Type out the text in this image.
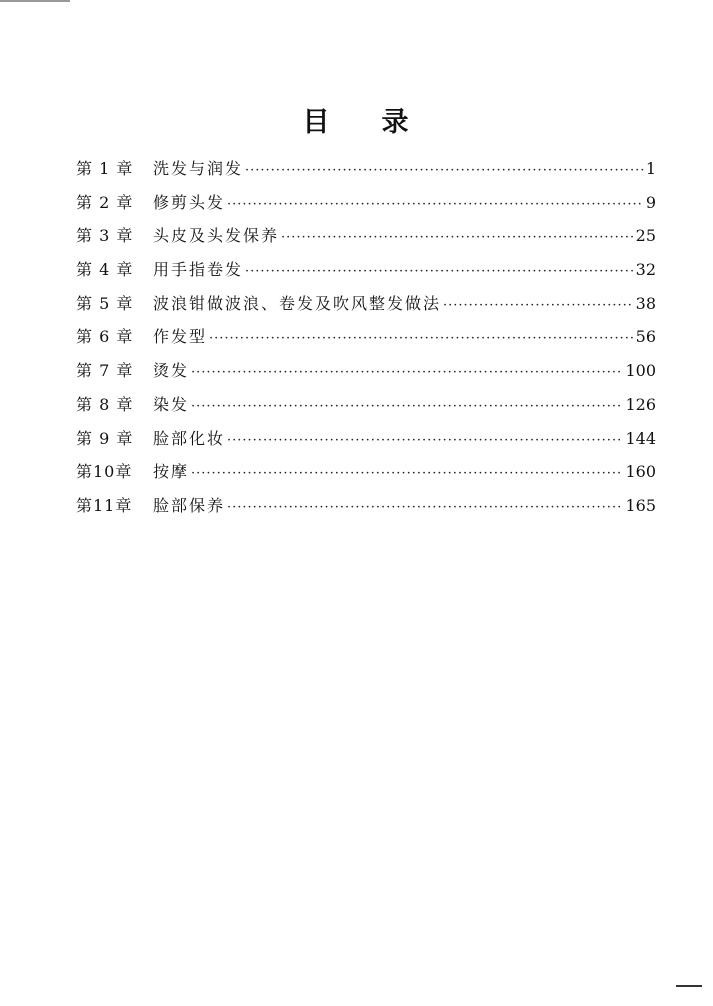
目 录
第 1 章	洗发与润发 ·····	1
第 2 章	修剪头发 ·····	9
第 3 章	头皮及头发保养 ·····	25
第 4 章	用手指卷发 ·····	32
第 5 章	波浪钳做波浪、卷发及吹风整发做法 ·····	38
第 6 章	作发型 ·····	56
第 7 章	烫发 ·····	100
第 8 章	染发 ·····	126
第 9 章	脸部化妆 ·····	144
第10章	按摩 ·····	160
第11章	脸部保养 ·····	165
